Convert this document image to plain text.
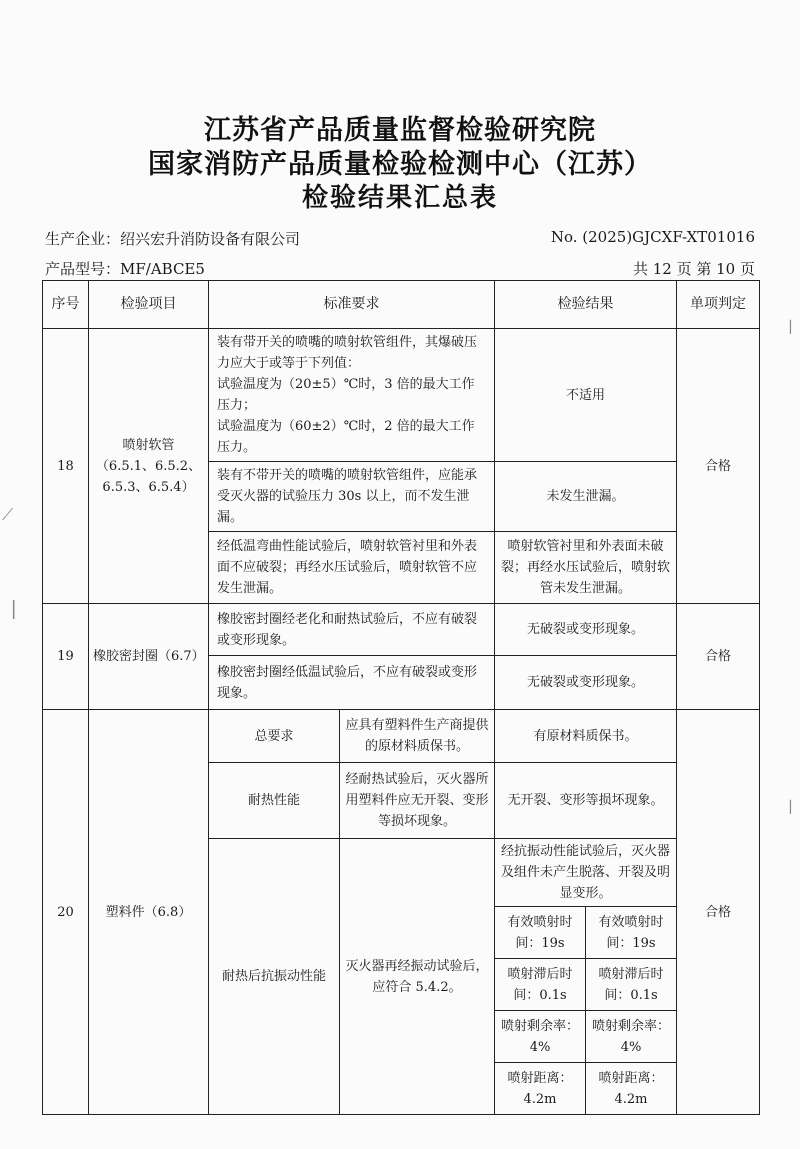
江苏省产品质量监督检验研究院
国家消防产品质量检验检测中心（江苏）
检验结果汇总表
生产企业：绍兴宏升消防设备有限公司	No. (2025)GJCXF-XT01016
产品型号：MF/ABCE5	共 12 页 第 10 页
序号	检验项目	标准要求		检验结果		单项判定
18	喷射软管（6.5.1、6.5.2、6.5.3、6.5.4）	装有带开关的喷嘴的喷射软管组件，其爆破压力应大于或等于下列值：
试验温度为（20±5）℃时，3 倍的最大工作压力；
试验温度为（60±2）℃时，2 倍的最大工作压力。		不适用		合格
		装有不带开关的喷嘴的喷射软管组件，应能承受灭火器的试验压力 30s 以上，而不发生泄漏。		未发生泄漏。		
		经低温弯曲性能试验后，喷射软管衬里和外表面不应破裂；再经水压试验后，喷射软管不应发生泄漏。		喷射软管衬里和外表面未破裂；再经水压试验后，喷射软管未发生泄漏。		
19	橡胶密封圈（6.7）	橡胶密封圈经老化和耐热试验后，不应有破裂或变形现象。		无破裂或变形现象。		合格
		橡胶密封圈经低温试验后，不应有破裂或变形现象。		无破裂或变形现象。		
20	塑料件（6.8）	总要求	应具有塑料件生产商提供的原材料质保书。	有原材料质保书。		合格
		耐热性能	经耐热试验后，灭火器所用塑料件应无开裂、变形等损坏现象。	无开裂、变形等损坏现象。		
		耐热后抗振动性能	灭火器再经振动试验后，应符合 5.4.2。	经抗振动性能试验后，灭火器及组件未产生脱落、开裂及明显变形。		
				有效喷射时间：19s	有效喷射时间：19s	
				喷射滞后时间：0.1s	喷射滞后时间：0.1s	
				喷射剩余率：4%	喷射剩余率：4%	
				喷射距离：4.2m	喷射距离：4.2m	
⟋
▕
▏
▏
